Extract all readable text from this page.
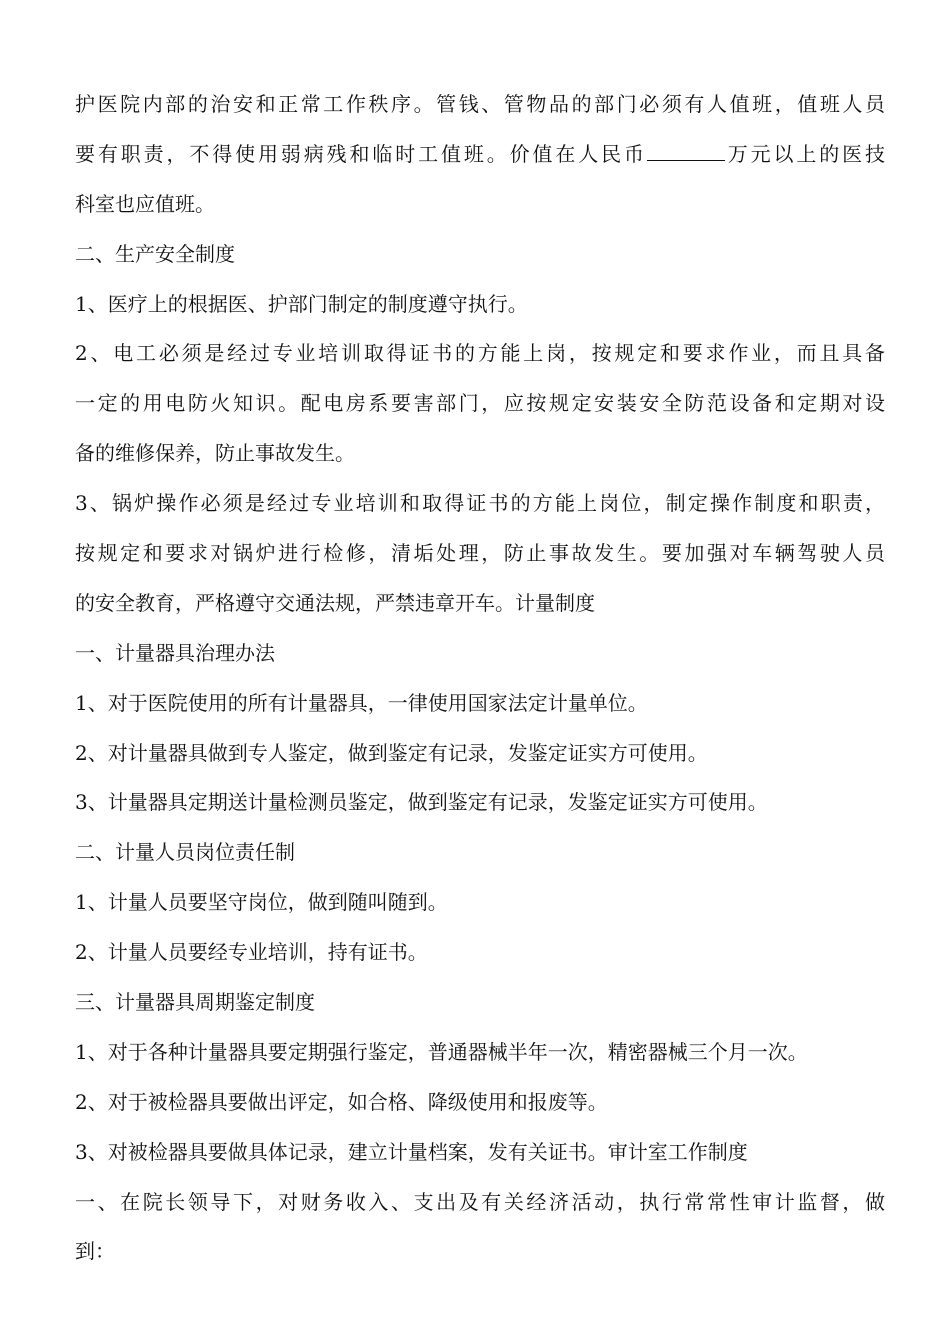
护医院内部的治安和正常工作秩序。管钱、管物品的部门必须有人值班，值班人员
要有职责，不得使用弱病残和临时工值班。价值在人民币	万元以上的医技
科室也应值班。
二、生产安全制度
1、医疗上的根据医、护部门制定的制度遵守执行。
2、电工必须是经过专业培训取得证书的方能上岗，按规定和要求作业，而且具备
一定的用电防火知识。配电房系要害部门，应按规定安装安全防范设备和定期对设
备的维修保养，防止事故发生。
3、锅炉操作必须是经过专业培训和取得证书的方能上岗位，制定操作制度和职责，
按规定和要求对锅炉进行检修，清垢处理，防止事故发生。要加强对车辆驾驶人员
的安全教育，严格遵守交通法规，严禁违章开车。计量制度
一、计量器具治理办法
1、对于医院使用的所有计量器具，一律使用国家法定计量单位。
2、对计量器具做到专人鉴定，做到鉴定有记录，发鉴定证实方可使用。
3、计量器具定期送计量检测员鉴定，做到鉴定有记录，发鉴定证实方可使用。
二、计量人员岗位责任制
1、计量人员要坚守岗位，做到随叫随到。
2、计量人员要经专业培训，持有证书。
三、计量器具周期鉴定制度
1、对于各种计量器具要定期强行鉴定，普通器械半年一次，精密器械三个月一次。
2、对于被检器具要做出评定，如合格、降级使用和报废等。
3、对被检器具要做具体记录，建立计量档案，发有关证书。审计室工作制度
一、在院长领导下，对财务收入、支出及有关经济活动，执行常常性审计监督，做
到：
